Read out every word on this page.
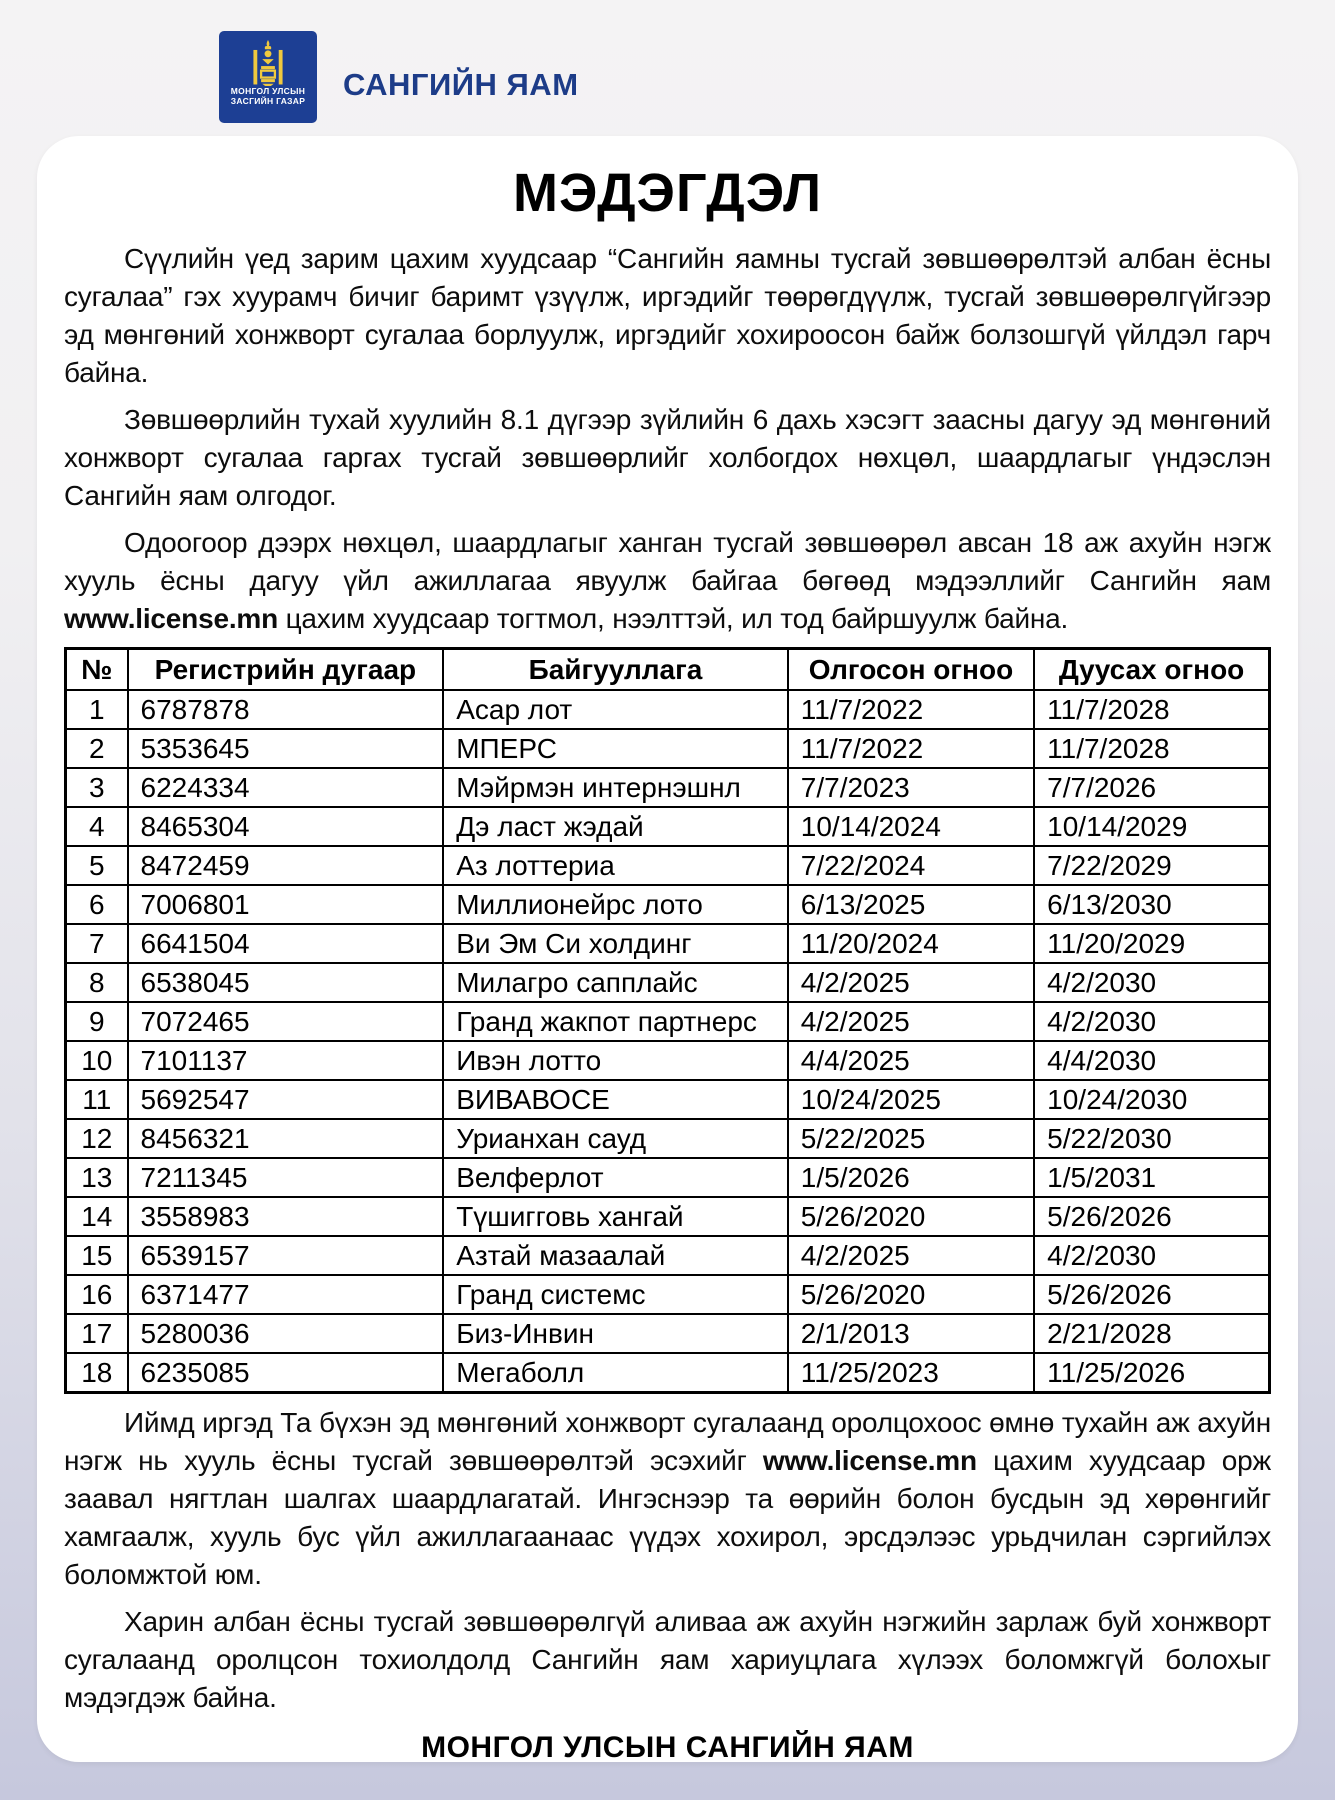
МОНГОЛ УЛСЫН
ЗАСГИЙН ГАЗАР САНГИЙН ЯАМ
МЭДЭГДЭЛ

Сүүлийн үед зарим цахим хуудсаар “Сангийн яамны тусгай зөвшөөрөлтэй албан ёсны сугалаа” гэх хуурамч бичиг баримт үзүүлж, иргэдийг төөрөгдүүлж, тусгай зөвшөөрөлгүйгээр эд мөнгөний хонжворт сугалаа борлуулж, иргэдийг хохироосон байж болзошгүй үйлдэл гарч байна.

Зөвшөөрлийн тухай хуулийн 8.1 дүгээр зүйлийн 6 дахь хэсэгт заасны дагуу эд мөнгөний хонжворт сугалаа гаргах тусгай зөвшөөрлийг холбогдох нөхцөл, шаардлагыг үндэслэн Сангийн яам олгодог.

Одоогоор дээрх нөхцөл, шаардлагыг ханган тусгай зөвшөөрөл авсан 18 аж ахуйн нэгж хууль ёсны дагуу үйл ажиллагаа явуулж байгаа бөгөөд мэдээллийг Сангийн яам www.license.mn цахим хуудсаар тогтмол, нээлттэй, ил тод байршуулж байна.

№	Регистрийн дугаар	Байгууллага	Олгосон огноо	Дуусах огноо
1	6787878	Асар лот	11/7/2022	11/7/2028
2	5353645	МПЕРС	11/7/2022	11/7/2028
3	6224334	Мэйрмэн интернэшнл	7/7/2023	7/7/2026
4	8465304	Дэ ласт жэдай	10/14/2024	10/14/2029
5	8472459	Аз лоттериа	7/22/2024	7/22/2029
6	7006801	Миллионейрс лото	6/13/2025	6/13/2030
7	6641504	Ви Эм Си холдинг	11/20/2024	11/20/2029
8	6538045	Милагро сапплайс	4/2/2025	4/2/2030
9	7072465	Гранд жакпот партнерс	4/2/2025	4/2/2030
10	7101137	Ивэн лотто	4/4/2025	4/4/2030
11	5692547	ВИВАВОСЕ	10/24/2025	10/24/2030
12	8456321	Урианхан сауд	5/22/2025	5/22/2030
13	7211345	Велферлот	1/5/2026	1/5/2031
14	3558983	Түшигговь хангай	5/26/2020	5/26/2026
15	6539157	Азтай мазаалай	4/2/2025	4/2/2030
16	6371477	Гранд системс	5/26/2020	5/26/2026
17	5280036	Биз-Инвин	2/1/2013	2/21/2028
18	6235085	Мегаболл	11/25/2023	11/25/2026

Иймд иргэд Та бүхэн эд мөнгөний хонжворт сугалаанд оролцохоос өмнө тухайн аж ахуйн нэгж нь хууль ёсны тусгай зөвшөөрөлтэй эсэхийг www.license.mn цахим хуудсаар орж заавал нягтлан шалгах шаардлагатай. Ингэснээр та өөрийн болон бусдын эд хөрөнгийг хамгаалж, хууль бус үйл ажиллагаанаас үүдэх хохирол, эрсдэлээс урьдчилан сэргийлэх боломжтой юм.

Харин албан ёсны тусгай зөвшөөрөлгүй аливаа аж ахуйн нэгжийн зарлаж буй хонжворт сугалаанд оролцсон тохиолдолд Сангийн яам хариуцлага хүлээх боломжгүй болохыг мэдэгдэж байна.

МОНГОЛ УЛСЫН САНГИЙН ЯАМ
